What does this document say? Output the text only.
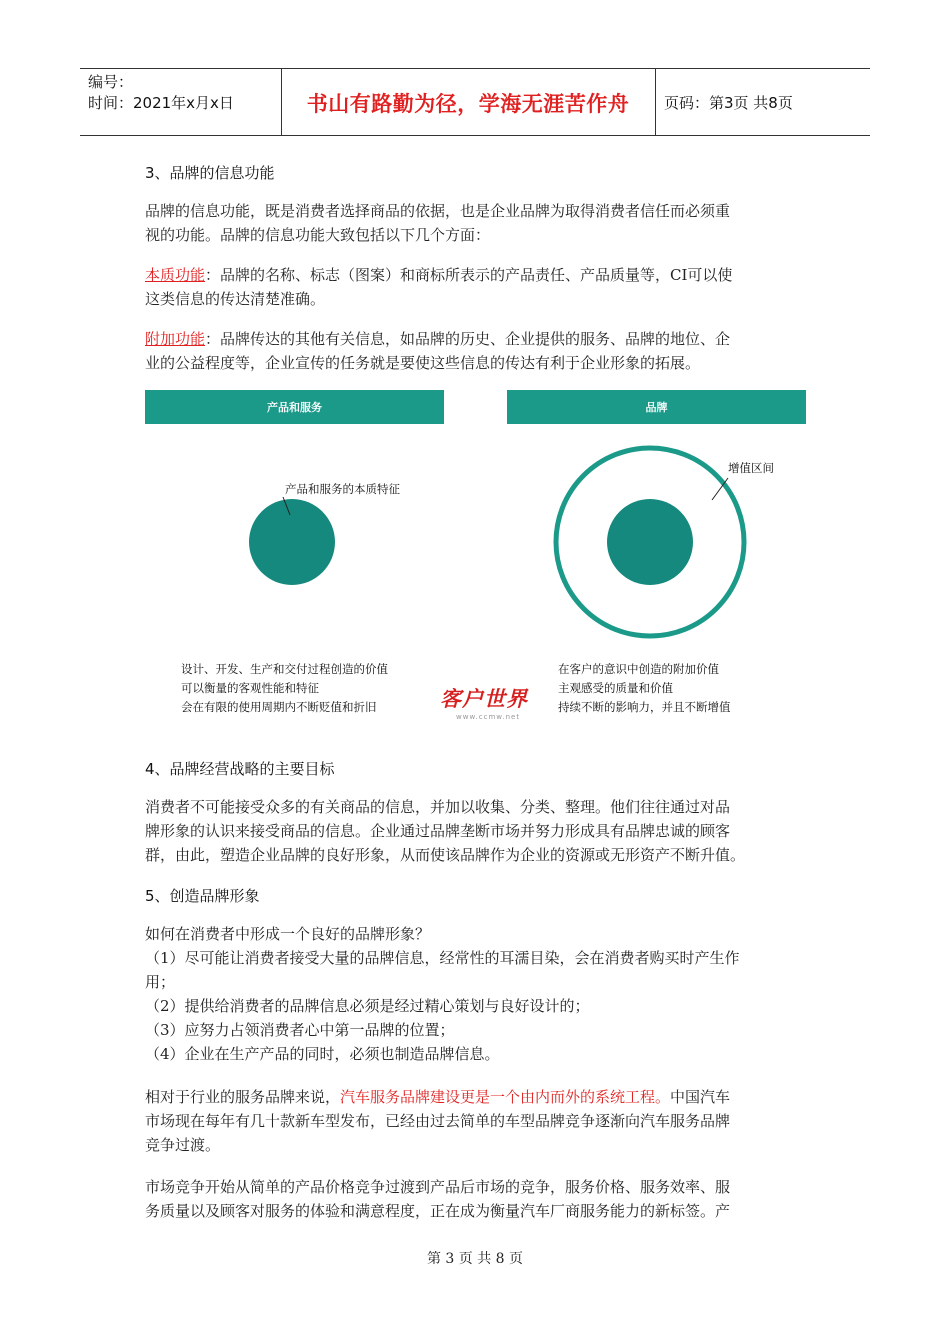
编号：
时间：2021年x月x日	书山有路勤为径，学海无涯苦作舟	页码：第3页 共8页
3、品牌的信息功能
品牌的信息功能，既是消费者选择商品的依据，也是企业品牌为取得消费者信任而必须重
视的功能。品牌的信息功能大致包括以下几个方面：
本质功能：品牌的名称、标志（图案）和商标所表示的产品责任、产品质量等，CI可以使
这类信息的传达清楚准确。
附加功能：品牌传达的其他有关信息，如品牌的历史、企业提供的服务、品牌的地位、企
业的公益程度等，企业宣传的任务就是要使这些信息的传达有利于企业形象的拓展。
产品和服务	品牌
产品和服务的本质特征
增值区间
设计、开发、生产和交付过程创造的价值
可以衡量的客观性能和特征
会在有限的使用周期内不断贬值和折旧
在客户的意识中创造的附加价值
主观感受的质量和价值
持续不断的影响力，并且不断增值
客户世界
www.ccmw.net
4、品牌经营战略的主要目标
消费者不可能接受众多的有关商品的信息，并加以收集、分类、整理。他们往往通过对品
牌形象的认识来接受商品的信息。企业通过品牌垄断市场并努力形成具有品牌忠诚的顾客
群，由此，塑造企业品牌的良好形象，从而使该品牌作为企业的资源或无形资产不断升值。
5、创造品牌形象
如何在消费者中形成一个良好的品牌形象？
（1）尽可能让消费者接受大量的品牌信息，经常性的耳濡目染，会在消费者购买时产生作
用；
（2）提供给消费者的品牌信息必须是经过精心策划与良好设计的；
（3）应努力占领消费者心中第一品牌的位置；
（4）企业在生产产品的同时，必须也制造品牌信息。
相对于行业的服务品牌来说，汽车服务品牌建设更是一个由内而外的系统工程。中国汽车
市场现在每年有几十款新车型发布，已经由过去简单的车型品牌竞争逐渐向汽车服务品牌
竞争过渡。
市场竞争开始从简单的产品价格竞争过渡到产品后市场的竞争，服务价格、服务效率、服
务质量以及顾客对服务的体验和满意程度，正在成为衡量汽车厂商服务能力的新标签。产
第 3 页 共 8 页
